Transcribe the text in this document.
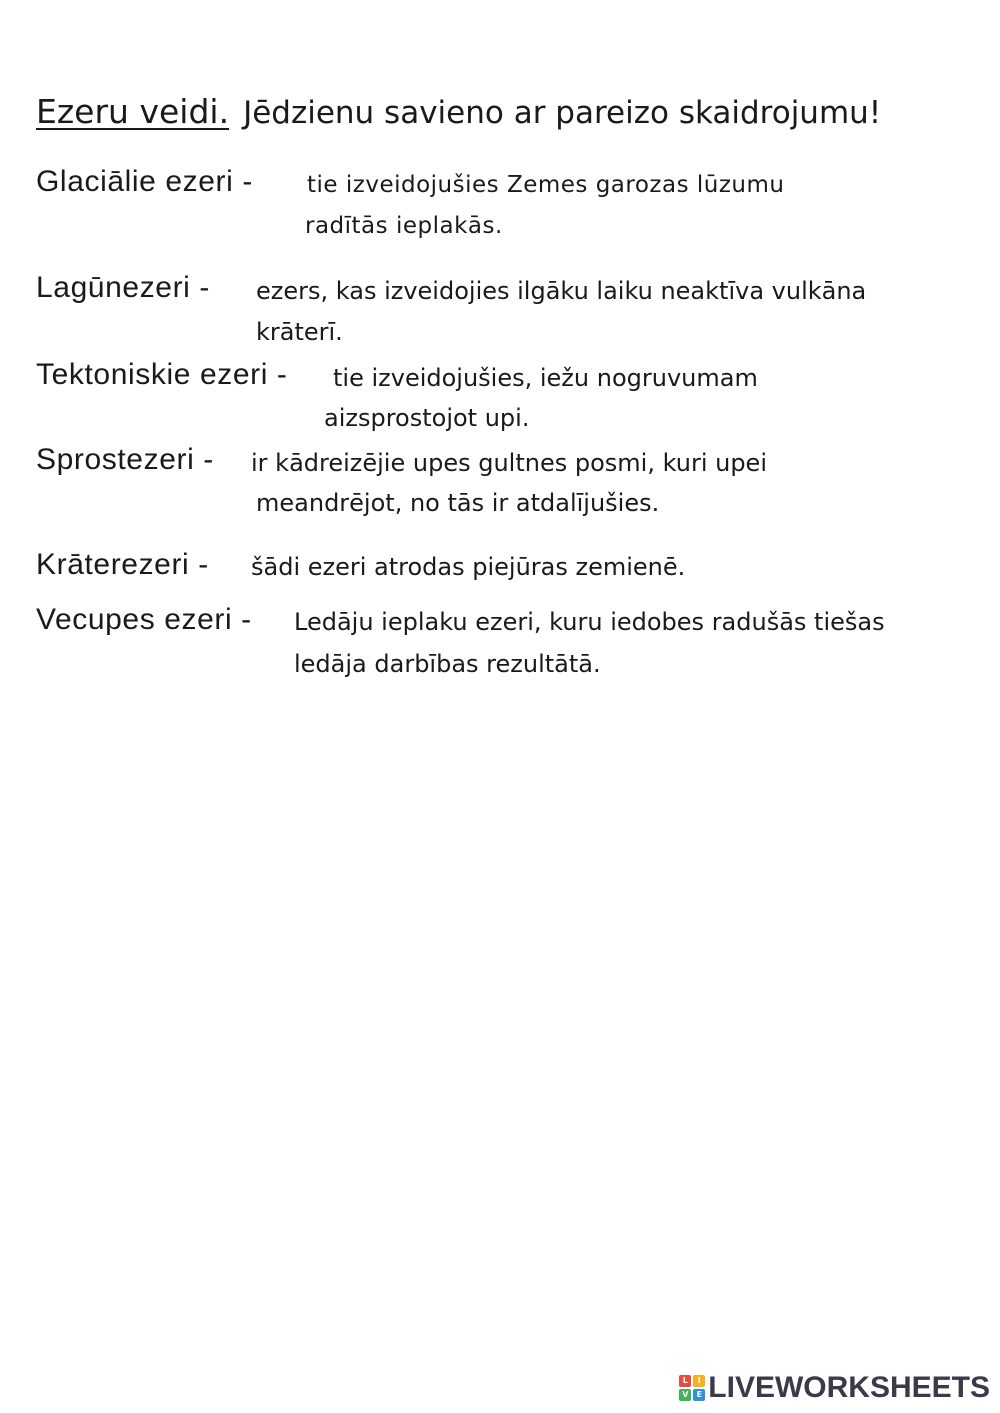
Ezeru veidi. Jēdzienu savieno ar pareizo skaidrojumu!
Glaciālie ezeri - tie izveidojušies Zemes garozas lūzumu
radītās ieplakās.
Lagūnezeri - ezers, kas izveidojies ilgāku laiku neaktīva vulkāna
krāterī.
Tektoniskie ezeri - tie izveidojušies, iežu nogruvumam
aizsprostojot upi.
Sprostezeri - ir kādreizējie upes gultnes posmi, kuri upei
meandrējot, no tās ir atdalījušies.
Krāterezeri - šādi ezeri atrodas piejūras zemienē.
Vecupes ezeri - Ledāju ieplaku ezeri, kuru iedobes radušās tiešas
ledāja darbības rezultātā.
L	I
V	E LIVEWORKSHEETS
